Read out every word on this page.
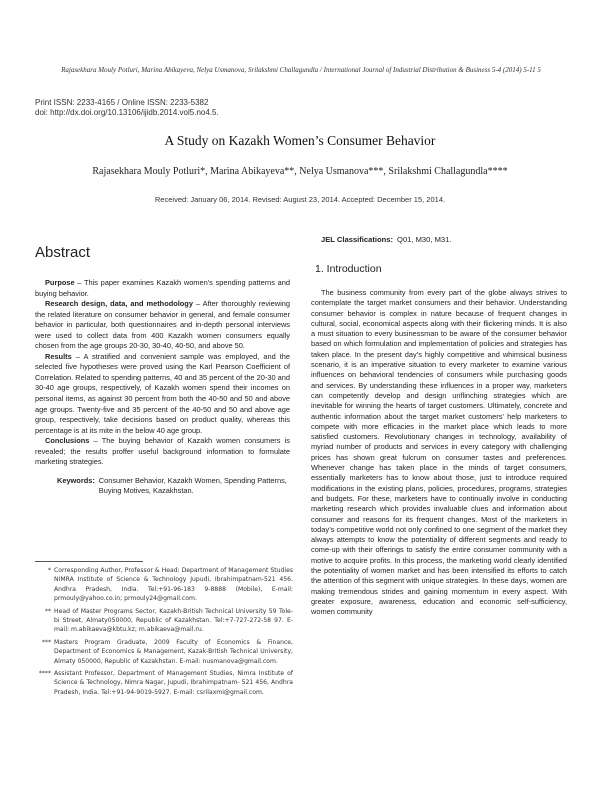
Rajasekhara Mouly Potluri, Marina Abikayeva, Nelya Usmanova, Srilakshmi Challagundla / International Journal of Industrial Distribution & Business 5-4 (2014) 5-11 5
Print ISSN: 2233-4165 / Online ISSN: 2233-5382
doi: http://dx.doi.org/10.13106/ijidb.2014.vol5.no4.5.
A Study on Kazakh Women’s Consumer Behavior
Rajasekhara Mouly Potluri*, Marina Abikayeva**, Nelya Usmanova***, Srilakshmi Challagundla****
Received: January 06, 2014. Revised: August 23, 2014. Accepted: December 15, 2014.
Abstract

Purpose – This paper examines Kazakh women’s spending patterns and buying behavior.

Research design, data, and methodology – After thoroughly reviewing the related literature on consumer behavior in general, and female consumer behavior in particular, both questionnaires and in-depth personal interviews were used to collect data from 400 Kazakh women consumers equally chosen from the age groups 20-30, 30-40, 40-50, and above 50.

Results – A stratified and convenient sample was employed, and the selected five hypotheses were proved using the Karl Pearson Coefficient of Correlation. Related to spending patterns, 40 and 35 percent of the 20-30 and 30-40 age groups, respectively, of Kazakh women spend their incomes on personal items, as against 30 percent from both the 40-50 and 50 and above age groups. Twenty-five and 35 percent of the 40-50 and 50 and above age group, respectively, take decisions based on product quality, whereas this percentage is at its mite in the below 40 age group.

Conclusions – The buying behavior of Kazakh women consumers is revealed; the results proffer useful background information to formulate marketing strategies.

Keywords: Consumer Behavior, Kazakh Women, Spending Patterns, Buying Motives, Kazakhstan.
* Corresponding Author, Professor & Head: Department of Management Studies NIMRA Institute of Science & Technology Jupudi, Ibrahimpatnam-521 456. Andhra Pradesh, India. Tel:+91-96-183 9-8888 (Mobile), E-mail: prmouly@yahoo.co.in; prmouly24@gmail.com.
** Head of Master Programs Sector, Kazakh-British Technical University 59 Tole-bi Street, Almaty050000, Republic of Kazakhstan. Tel:+7-727-272-58 97. E-mail: m.abikaeva@kbtu.kz; m.abikaeva@mail.ru.
*** Masters Program Graduate, 2009 Faculty of Economics & Finance, Department of Economics & Management, Kazak-British Technical University, Almaty 050000, Republic of Kazakhstan. E-mail: nusmanova@gmail.com.
**** Assistant Professor, Department of Management Studies, Nimra Institute of Science & Technology, Nimra Nagar, Jupudi, Ibrahimpatnam- 521 456, Andhra Pradesh, India. Tel:+91-94-9019-5927. E-mail: csrilaxmi@gmail.com.
JEL Classifications: Q01, M30, M31.
1. Introduction

The business community from every part of the globe always strives to contemplate the target market consumers and their behavior. Understanding consumer behavior is complex in nature because of frequent changes in cultural, social, economical aspects along with their flickering minds. It is also a must situation to every businessman to be aware of the consumer behavior based on which formulation and implementation of policies and strategies has taken place. In the present day’s highly competitive and whimsical business scenario, it is an imperative situation to every marketer to examine various influences on behavioral tendencies of consumers while purchasing goods and services. By understanding these influences in a proper way, marketers can competently develop and design unflinching strategies which are inevitable for winning the hearts of target customers. Ultimately, concrete and authentic information about the target market customers’ help marketers to compete with more efficacies in the market place which leads to more satisfied customers. Revolutionary changes in technology, availability of myriad number of products and services in every category with challenging prices has shown great fulcrum on consumer tastes and preferences. Whenever change has taken place in the minds of target consumers, essentially marketers has to know about those, just to introduce required modifications in the existing plans, policies, procedures, programs, strategies and budgets. For these, marketers have to continually involve in conducting marketing research which provides invaluable clues and information about consumer and reasons for its frequent changes. Most of the marketers in today’s competitive world not only confined to one segment of the market they always attempts to know the potentiality of different segments and ready to come-up with their offerings to satisfy the entire consumer community with a motive to acquire profits. In this process, the marketing world clearly identified the potentiality of women market and has been intensified its efforts to catch the attention of this segment with unique strategies. In these days, women are making tremendous strides and gaining momentum in every aspect. With greater exposure, awareness, education and economic self-sufficiency, women community
